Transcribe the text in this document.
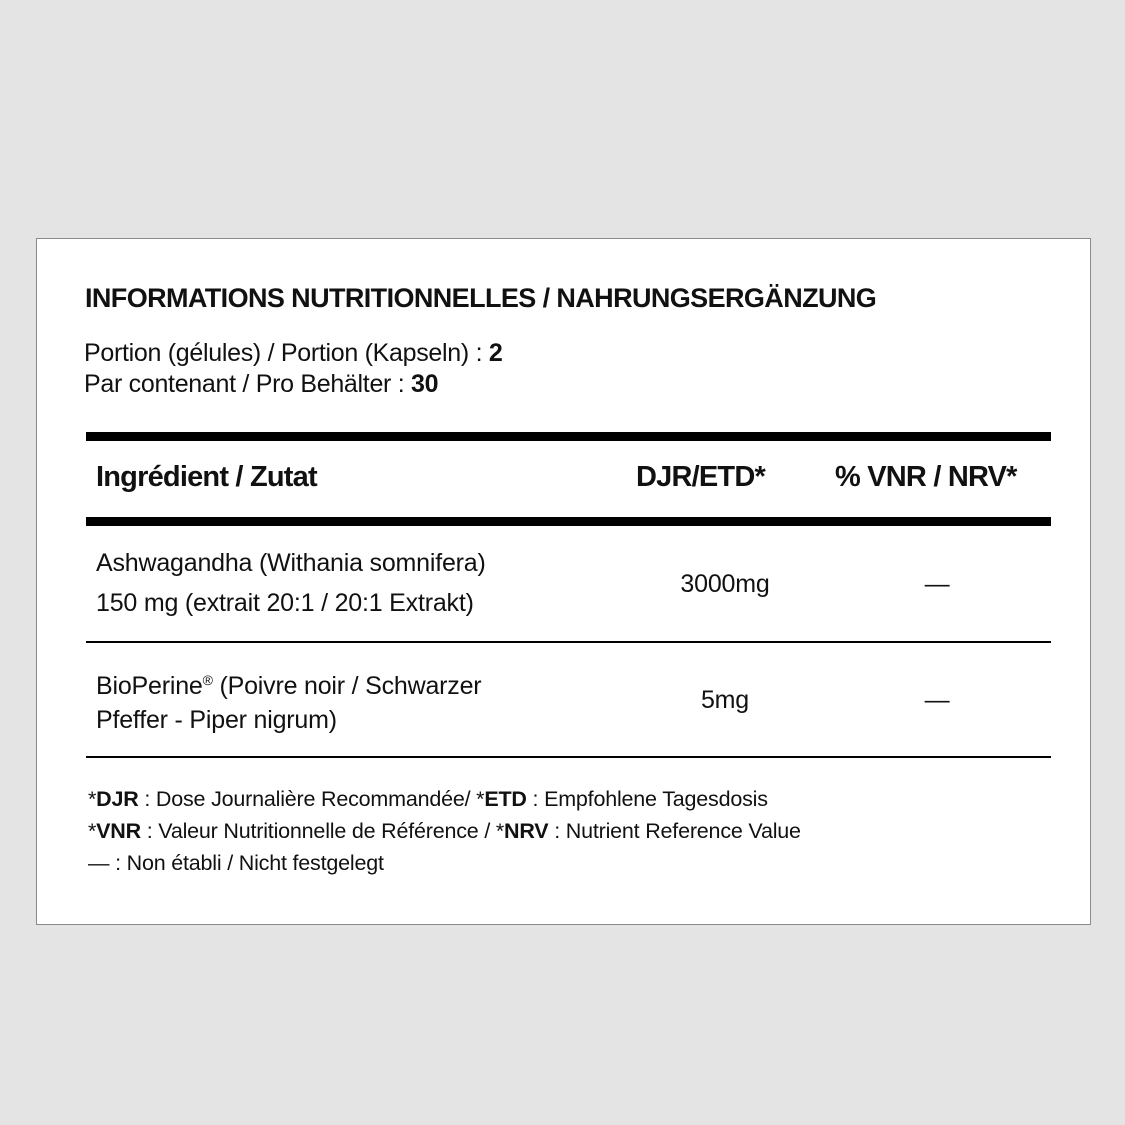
INFORMATIONS NUTRITIONNELLES / NAHRUNGSERGÄNZUNG
Portion (gélules) / Portion (Kapseln) : 2
Par contenant / Pro Behälter : 30
Ingrédient / Zutat	DJR/ETD* % VNR / NRV*
Ashwagandha (Withania somnifera)
150 mg (extrait 20:1 / 20:1 Extrakt)
3000mg	—
BioPerine® (Poivre noir / Schwarzer
Pfeffer - Piper nigrum)
5mg	—
*DJR : Dose Journalière Recommandée/ *ETD : Empfohlene Tagesdosis
*VNR : Valeur Nutritionnelle de Référence / *NRV : Nutrient Reference Value
— : Non établi / Nicht festgelegt
